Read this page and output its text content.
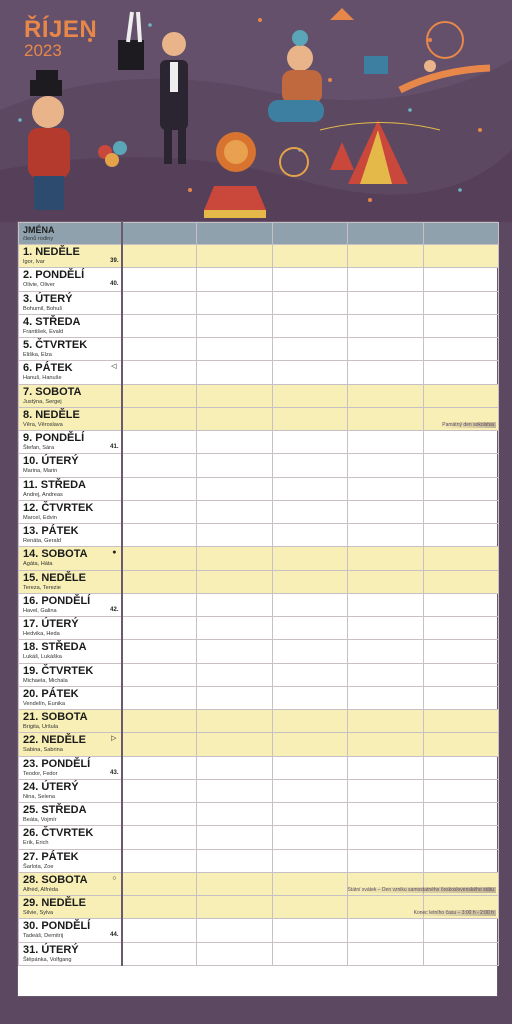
ŘÍJEN
2023
JMÉNA
členů rodiny					

1. NEDĚLE
Igor, Ivar 39.					

2. PONDĚLÍ
Olivie, Oliver 40.					

3. ÚTERÝ
Bohumil, Bohuš					

4. STŘEDA
František, Evald					

5. ČTVRTEK
Eliška, Elza					

6. PÁTEK
Hanuš, Hanuše
◁					

7. SOBOTA
Justýna, Sergej					

8. NEDĚLE
Věra, Věroslava					Památný den sokolstva

9. PONDĚLÍ
Štefan, Sára 41.					

10. ÚTERÝ
Marina, Marin					

11. STŘEDA
Andrej, Andreas					

12. ČTVRTEK
Marcel, Edvin					

13. PÁTEK
Renáta, Gerald					

14. SOBOTA
Agáta, Háta
●					

15. NEDĚLE
Tereza, Terezie					

16. PONDĚLÍ
Havel, Galina 42.					

17. ÚTERÝ
Hedvika, Heda					

18. STŘEDA
Lukáš, Lukáška					

19. ČTVRTEK
Michaela, Michala					

20. PÁTEK
Vendelín, Eunika					

21. SOBOTA
Brigita, Uršula					

22. NEDĚLE
Sabina, Sabrina
▷					

23. PONDĚLÍ
Teodor, Fedor 43.					

24. ÚTERÝ
Nina, Selena					

25. STŘEDA
Beáta, Vojmír					

26. ČTVRTEK
Erik, Erich					

27. PÁTEK
Šarlota, Zoe					

28. SOBOTA
Alfréd, Alfréda
○					Státní svátek – Den vzniku samostatného československého státu

29. NEDĚLE
Silvie, Sylva					Konec letního času – 3:00 h - 2:00 h

30. PONDĚLÍ
Tadeáš, Demitrij 44.					

31. ÚTERÝ
Štěpánka, Volfgang					
